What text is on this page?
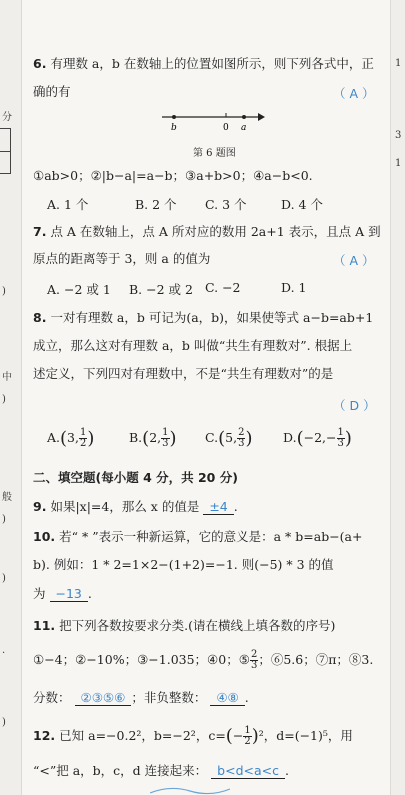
分
)
中
)
般
)
)
.
)
1
3
1
6. 有理数 a，b 在数轴上的位置如图所示，则下列各式中，正
确的有	（ A ）
b	0 a
第 6 题图
①ab>0；②|b−a|=a−b；③a+b>0；④a−b<0.
A. 1 个	B. 2 个 C. 3 个	D. 4 个
7. 点 A 在数轴上，点 A 所对应的数用 2a+1 表示，且点 A 到
原点的距离等于 3，则 a 的值为	（ A ）
A. −2 或 1 B. −2 或 2 C. −2	D. 1
8. 一对有理数 a，b 可记为(a，b)，如果使等式 a−b=ab+1
成立，那么这对有理数 a，b 叫做“共生有理数对”. 根据上
述定义，下列四对有理数中，不是“共生有理数对”的是
（ D ）
A.(3, $\frac{1}{2}$ )	B.(2, $\frac{1}{3}$ ) C.(5, $\frac{2}{3}$ ) $D.(-2,- \frac{1}{3}$ )
二、填空题(每小题 4 分，共 20 分)
9. 如果|x|=4，那么 x 的值是 ±4 .
10. 若“ * ”表示一种新运算，它的意义是：a * b=ab−(a+
b). 例如：1 * 2=1×2−(1+2)=−1. 则(−5) * 3 的值
为 −13 .
11. 把下列各数按要求分类.(请在横线上填各数的序号)
①−4；②−10%；③−1.035；④0；⑤ $\frac{2}{3}$ ；⑥5.6̇；⑦π；⑧3.
分数： ②③⑤⑥ ；非负整数： ④⑧ .
12. 已知 a=−0.2²，b=−2²，$c=(- \frac{1}{2} )^2$，d=(−1)⁵，用
“<”把 a，b，c，d 连接起来： b<d<a<c .
